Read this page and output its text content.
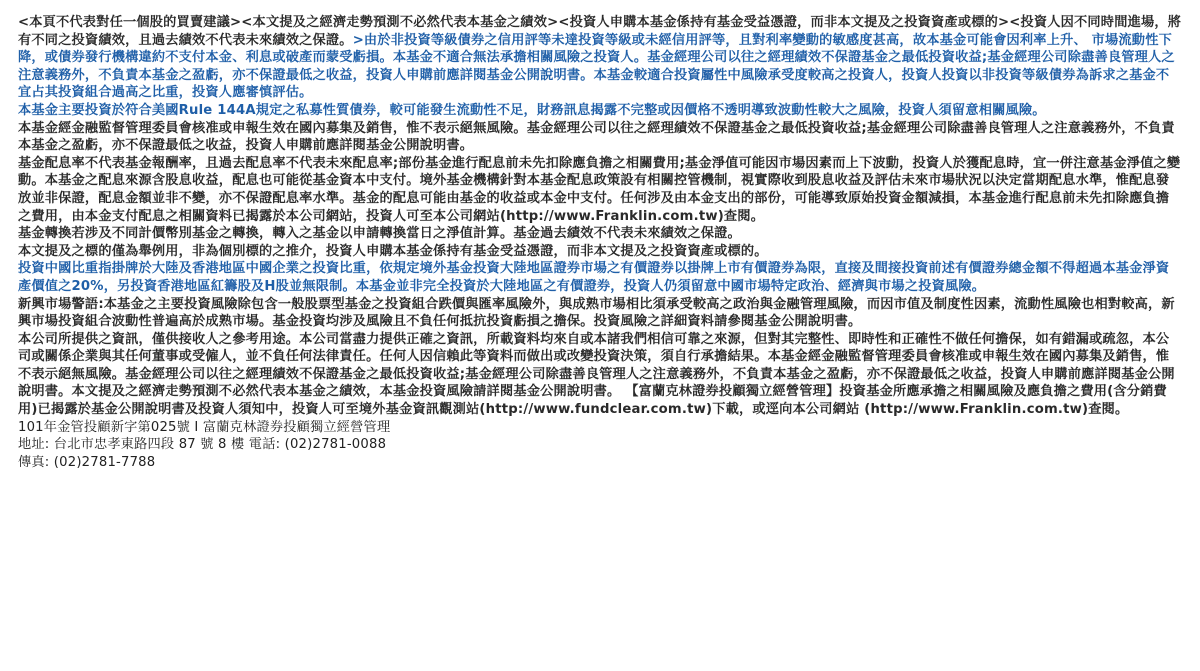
<本頁不代表對任一個股的買賣建議><本文提及之經濟走勢預測不必然代表本基金之績效><投資人申購本基金係持有基金受益憑證，而非本文提及之投資資產或標的><投資人因不同時間進場，將有不同之投資績效，且過去績效不代表未來績效之保證。>由於非投資等級債券之信用評等未達投資等級或未經信用評等，且對利率變動的敏感度甚高，故本基金可能會因利率上升、 市場流動性下降，或債券發行機構違約不支付本金、利息或破產而蒙受虧損。本基金不適合無法承擔相關風險之投資人。基金經理公司以往之經理績效不保證基金之最低投資收益;基金經理公司除盡善良管理人之注意義務外，不負責本基金之盈虧，亦不保證最低之收益，投資人申購前應詳閱基金公開說明書。本基金較適合投資屬性中風險承受度較高之投資人，投資人投資以非投資等級債券為訴求之基金不宜占其投資組合過高之比重，投資人應審慎評估。

本基金主要投資於符合美國Rule 144A規定之私募性質債券，較可能發生流動性不足，財務訊息揭露不完整或因價格不透明導致波動性較大之風險，投資人須留意相關風險。

本基金經金融監督管理委員會核准或申報生效在國內募集及銷售，惟不表示絕無風險。基金經理公司以往之經理績效不保證基金之最低投資收益;基金經理公司除盡善良管理人之注意義務外，不負責本基金之盈虧，亦不保證最低之收益，投資人申購前應詳閱基金公開說明書。

基金配息率不代表基金報酬率，且過去配息率不代表未來配息率;部份基金進行配息前未先扣除應負擔之相關費用;基金淨值可能因市場因素而上下波動，投資人於獲配息時，宜一併注意基金淨值之變動。本基金之配息來源含股息收益，配息也可能從基金資本中支付。境外基金機構針對本基金配息政策設有相關控管機制，視實際收到股息收益及評估未來市場狀況以決定當期配息水準，惟配息發放並非保證，配息金額並非不變，亦不保證配息率水準。基金的配息可能由基金的收益或本金中支付。任何涉及由本金支出的部份，可能導致原始投資金額減損，本基金進行配息前未先扣除應負擔之費用，由本金支付配息之相關資料已揭露於本公司網站，投資人可至本公司網站(http://www.Franklin.com.tw)查閱。

基金轉換若涉及不同計價幣別基金之轉換，轉入之基金以申請轉換當日之淨值計算。基金過去績效不代表未來績效之保證。

本文提及之標的僅為舉例用，非為個別標的之推介，投資人申購本基金係持有基金受益憑證，而非本文提及之投資資產或標的。

投資中國比重指掛牌於大陸及香港地區中國企業之投資比重，依規定境外基金投資大陸地區證券市場之有價證券以掛牌上市有價證券為限，直接及間接投資前述有價證券總金額不得超過本基金淨資產價值之20%，另投資香港地區紅籌股及H股並無限制。本基金並非完全投資於大陸地區之有價證券，投資人仍須留意中國市場特定政治、經濟與市場之投資風險。

新興市場警語:本基金之主要投資風險除包含一般股票型基金之投資組合跌價與匯率風險外，與成熟市場相比須承受較高之政治與金融管理風險，而因市值及制度性因素，流動性風險也相對較高，新興市場投資組合波動性普遍高於成熟市場。基金投資均涉及風險且不負任何抵抗投資虧損之擔保。投資風險之詳細資料請參閱基金公開說明書。

本公司所提供之資訊，僅供接收人之參考用途。本公司當盡力提供正確之資訊，所載資料均來自或本諸我們相信可靠之來源，但對其完整性、即時性和正確性不做任何擔保，如有錯漏或疏忽，本公司或關係企業與其任何董事或受僱人，並不負任何法律責任。任何人因信賴此等資料而做出或改變投資決策，須自行承擔結果。本基金經金融監督管理委員會核准或申報生效在國內募集及銷售，惟不表示絕無風險。基金經理公司以往之經理績效不保證基金之最低投資收益;基金經理公司除盡善良管理人之注意義務外，不負責本基金之盈虧，亦不保證最低之收益，投資人申購前應詳閱基金公開說明書。本文提及之經濟走勢預測不必然代表本基金之績效，本基金投資風險請詳閱基金公開說明書。 【富蘭克林證券投顧獨立經營管理】投資基金所應承擔之相關風險及應負擔之費用(含分銷費用)已揭露於基金公開說明書及投資人須知中，投資人可至境外基金資訊觀測站(http://www.fundclear.com.tw)下載，或逕向本公司網站 (http://www.Franklin.com.tw)查閱。

101年金管投顧新字第025號 I 富蘭克林證券投顧獨立經營管理

地址: 台北市忠孝東路四段 87 號 8 樓 電話: (02)2781-0088

傳真: (02)2781-7788
